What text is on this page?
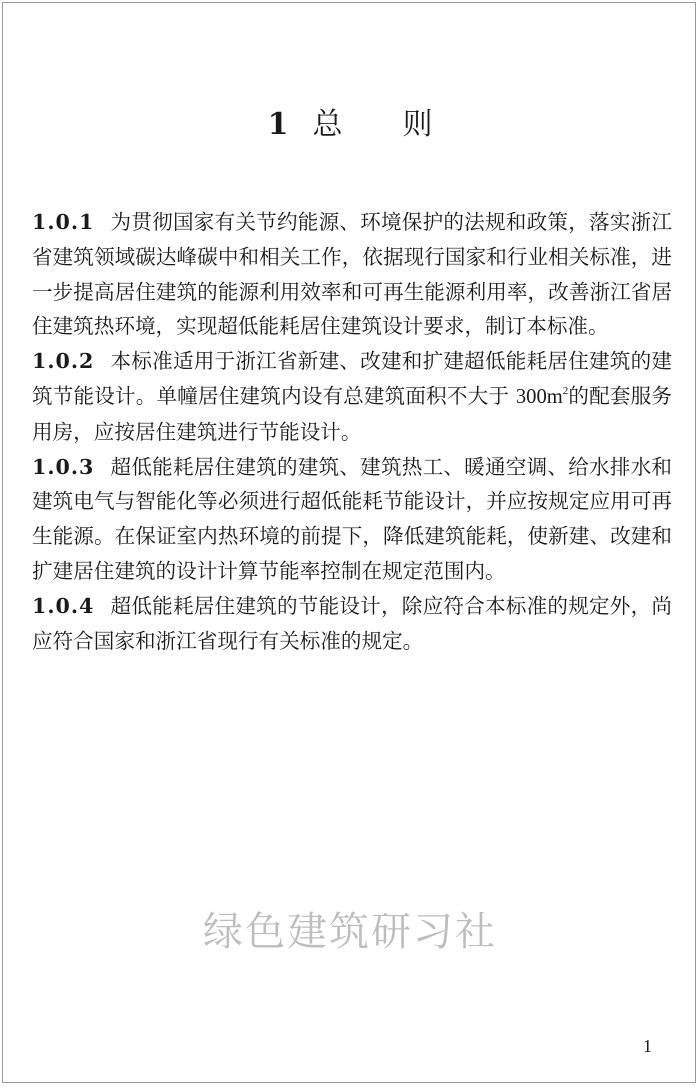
1 总 则

1.0.1 为贯彻国家有关节约能源、环境保护的法规和政策，落实浙江省建筑领域碳达峰碳中和相关工作，依据现行国家和行业相关标准，进一步提高居住建筑的能源利用效率和可再生能源利用率，改善浙江省居住建筑热环境，实现超低能耗居住建筑设计要求，制订本标准。

1.0.2 本标准适用于浙江省新建、改建和扩建超低能耗居住建筑的建筑节能设计。单幢居住建筑内设有总建筑面积不大于 $300m^2$的配套服务用房，应按居住建筑进行节能设计。

1.0.3 超低能耗居住建筑的建筑、建筑热工、暖通空调、给水排水和建筑电气与智能化等必须进行超低能耗节能设计，并应按规定应用可再生能源。在保证室内热环境的前提下，降低建筑能耗，使新建、改建和扩建居住建筑的设计计算节能率控制在规定范围内。

1.0.4 超低能耗居住建筑的节能设计，除应符合本标准的规定外，尚应符合国家和浙江省现行有关标准的规定。

绿色建筑研习社

1
